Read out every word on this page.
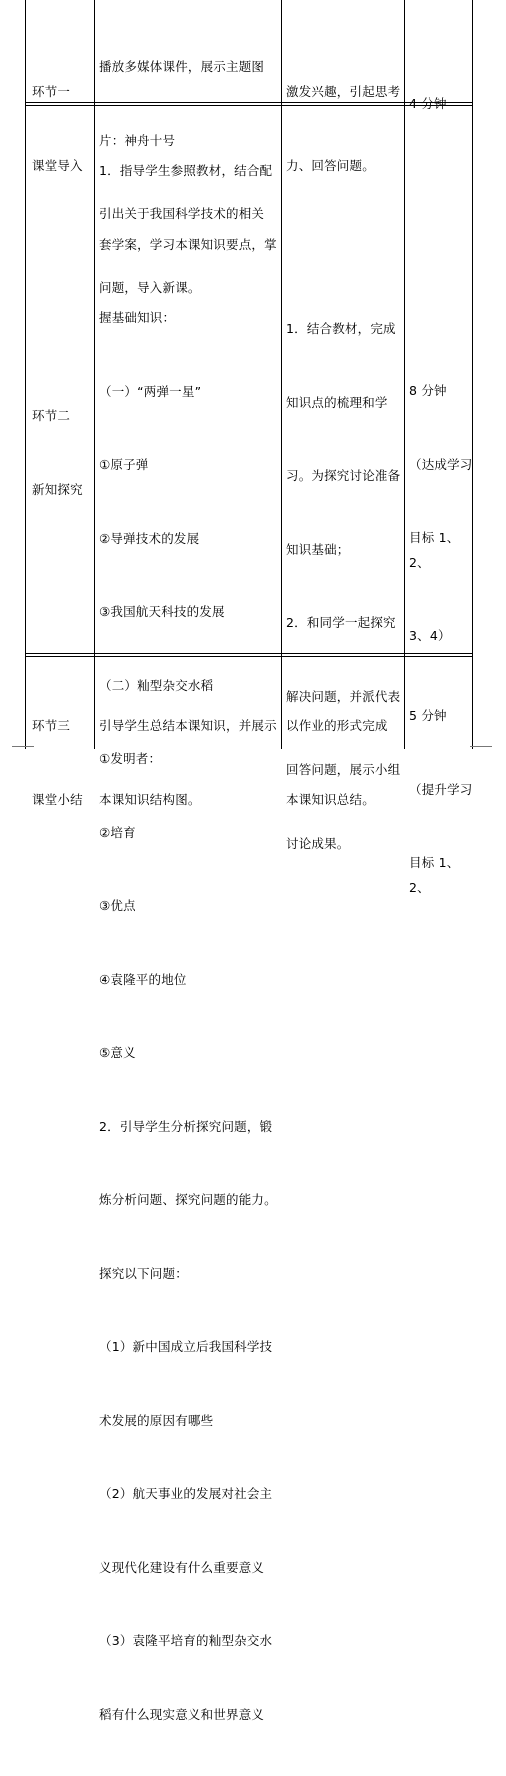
环节一

课堂导入

播放多媒体课件，展示主题图

片：神舟十号

引出关于我国科学技术的相关

问题，导入新课。

激发兴趣，引起思考

力、回答问题。

4 分钟

环节二

新知探究

1．指导学生参照教材，结合配

套学案，学习本课知识要点，掌

握基础知识：

（一）“两弹一星”

①原子弹

②导弹技术的发展

③我国航天科技的发展

（二）籼型杂交水稻

①发明者：

②培育

③优点

④袁隆平的地位

⑤意义

2．引导学生分析探究问题，锻

炼分析问题、探究问题的能力。

探究以下问题：

（1）新中国成立后我国科学技

术发展的原因有哪些

（2）航天事业的发展对社会主

义现代化建设有什么重要意义

（3）袁隆平培育的籼型杂交水

稻有什么现实意义和世界意义

1．结合教材，完成

知识点的梳理和学

习。为探究讨论准备

知识基础；

2．和同学一起探究

解决问题，并派代表

回答问题，展示小组

讨论成果。

8 分钟

（达成学习

目标 1、2、

3、4）

环节三

课堂小结

引导学生总结本课知识，并展示

本课知识结构图。

以作业的形式完成

本课知识总结。

5 分钟

（提升学习

目标 1、2、
